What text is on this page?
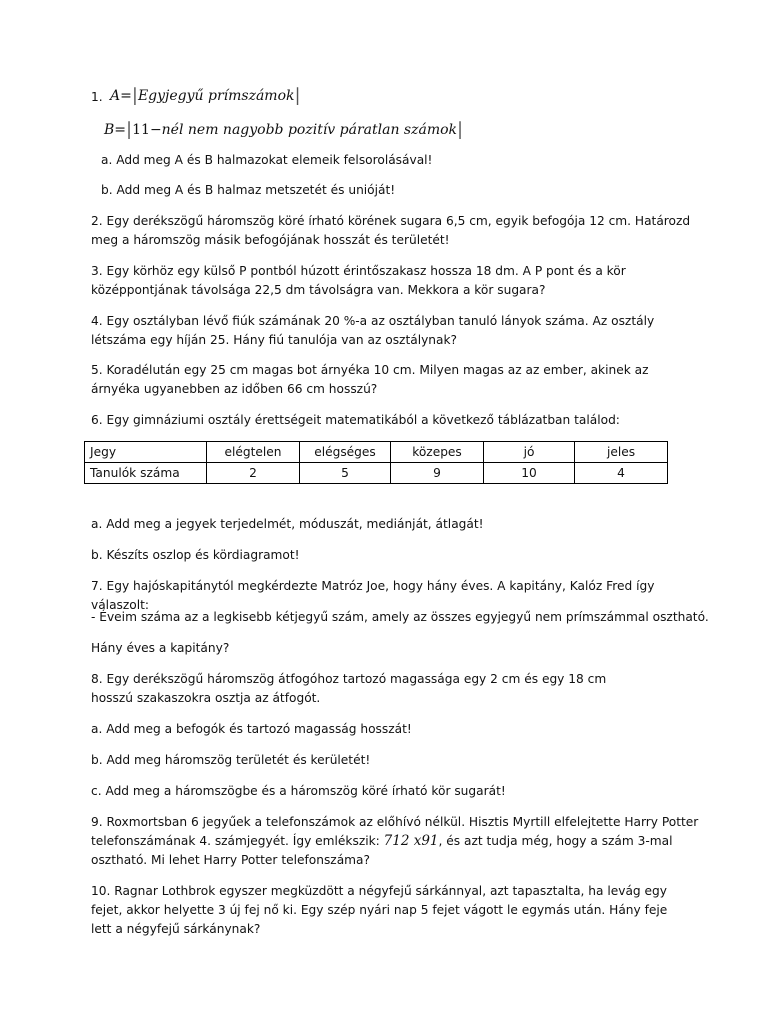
1. A=|Egyjegyű prímszámok|
B=|11−nél nem nagyobb pozitív páratlan számok|
a. Add meg A és B halmazokat elemeik felsorolásával!
b. Add meg A és B halmaz metszetét és unióját!
2. Egy derékszögű háromszög köré írható körének sugara 6,5 cm, egyik befogója 12 cm. Határozd meg a háromszög másik befogójának hosszát és területét!
3. Egy körhöz egy külső P pontból húzott érintőszakasz hossza 18 dm. A P pont és a kör középpontjának távolsága 22,5 dm távolságra van. Mekkora a kör sugara?
4. Egy osztályban lévő fiúk számának 20 %-a az osztályban tanuló lányok száma. Az osztály létszáma egy híján 25. Hány fiú tanulója van az osztálynak?
5. Koradélután egy 25 cm magas bot árnyéka 10 cm. Milyen magas az az ember, akinek az árnyéka ugyanebben az időben 66 cm hosszú?
6. Egy gimnáziumi osztály érettségeit matematikából a következő táblázatban találod:
Jegy	elégtelen	elégséges	közepes	jó	jeles
Tanulók száma	2	5	9	10	4
a. Add meg a jegyek terjedelmét, móduszát, mediánját, átlagát!
b. Készíts oszlop és kördiagramot!
7. Egy hajóskapitánytól megkérdezte Matróz Joe, hogy hány éves. A kapitány, Kalóz Fred így válaszolt:
- Éveim száma az a legkisebb kétjegyű szám, amely az összes egyjegyű nem prímszámmal osztható.
Hány éves a kapitány?
8. Egy derékszögű háromszög átfogóhoz tartozó magassága egy 2 cm és egy 18 cm hosszú szakaszokra osztja az átfogót.
a. Add meg a befogók és tartozó magasság hosszát!
b. Add meg háromszög területét és kerületét!
c. Add meg a háromszögbe és a háromszög köré írható kör sugarát!
9. Roxmortsban 6 jegyűek a telefonszámok az előhívó nélkül. Hisztis Myrtill elfelejtette Harry Potter
telefonszámának 4. számjegyét. Így emlékszik: 712 x91, és azt tudja még, hogy a szám 3-mal
osztható. Mi lehet Harry Potter telefonszáma?
10. Ragnar Lothbrok egyszer megküzdött a négyfejű sárkánnyal, azt tapasztalta, ha levág egy fejet, akkor helyette 3 új fej nő ki. Egy szép nyári nap 5 fejet vágott le egymás után. Hány feje lett a négyfejű sárkánynak?
